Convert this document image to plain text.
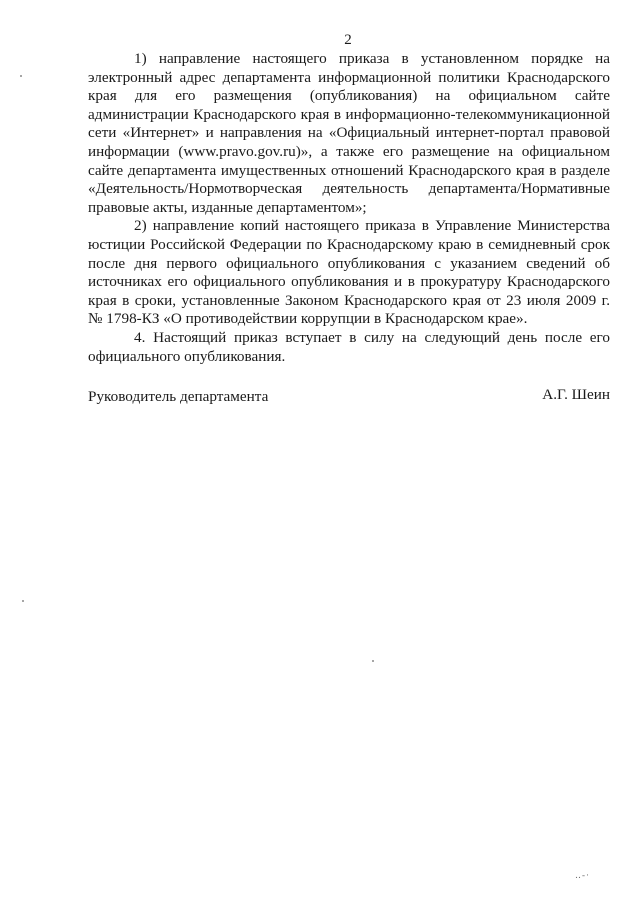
2

1) направление настоящего приказа в установленном порядке на электронный адрес департамента информационной политики Краснодарского края для его размещения (опубликования) на официальном сайте администрации Краснодарского края в информационно-телекоммуникационной сети «Интернет» и направления на «Официальный интернет-портал правовой информации (www.pravo.gov.ru)», а также его размещение на официальном сайте департамента имущественных отношений Краснодарского края в разделе «Деятельность/Нормотворческая деятельность департамента/Нормативные правовые акты, изданные департаментом»;

2) направление копий настоящего приказа в Управление Министерства юстиции Российской Федерации по Краснодарскому краю в семидневный срок после дня первого официального опубликования с указанием сведений об источниках его официального опубликования и в прокуратуру Краснодарского края в сроки, установленные Законом Краснодарского края от 23 июля 2009 г. № 1798-КЗ «О противодействии коррупции в Краснодарском крае».

4. Настоящий приказ вступает в силу на следующий день после его официального опубликования.

Руководитель департамента	А.Г. Шеин
‥-·
